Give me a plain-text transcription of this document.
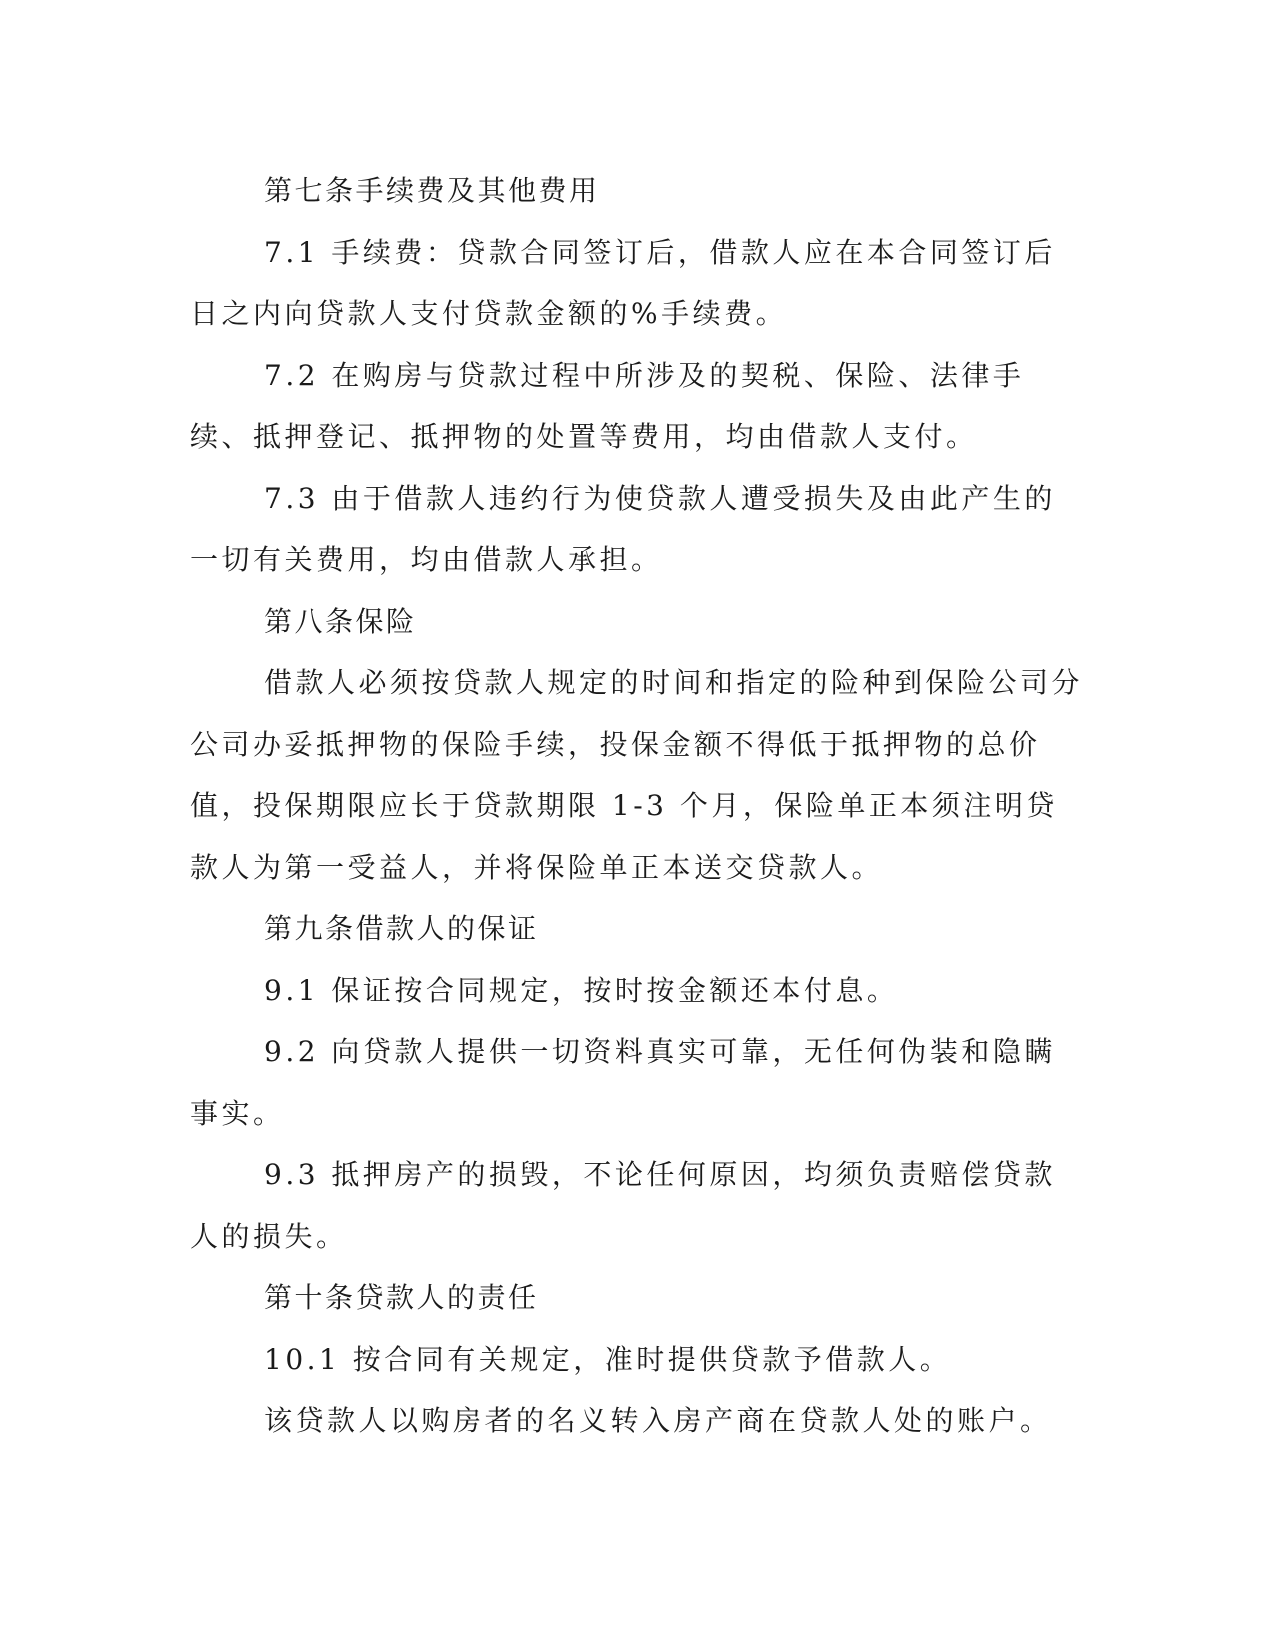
第七条手续费及其他费用

7.1 手续费：贷款合同签订后，借款人应在本合同签订后日之内向贷款人支付贷款金额的%手续费。

7.2 在购房与贷款过程中所涉及的契税、保险、法律手续、抵押登记、抵押物的处置等费用，均由借款人支付。

7.3 由于借款人违约行为使贷款人遭受损失及由此产生的一切有关费用，均由借款人承担。

第八条保险

借款人必须按贷款人规定的时间和指定的险种到保险公司分公司办妥抵押物的保险手续，投保金额不得低于抵押物的总价值，投保期限应长于贷款期限 1-3 个月，保险单正本须注明贷款人为第一受益人，并将保险单正本送交贷款人。

第九条借款人的保证

9.1 保证按合同规定，按时按金额还本付息。

9.2 向贷款人提供一切资料真实可靠，无任何伪装和隐瞒事实。

9.3 抵押房产的损毁，不论任何原因，均须负责赔偿贷款人的损失。

第十条贷款人的责任

10.1 按合同有关规定，准时提供贷款予借款人。

该贷款人以购房者的名义转入房产商在贷款人处的账户。
